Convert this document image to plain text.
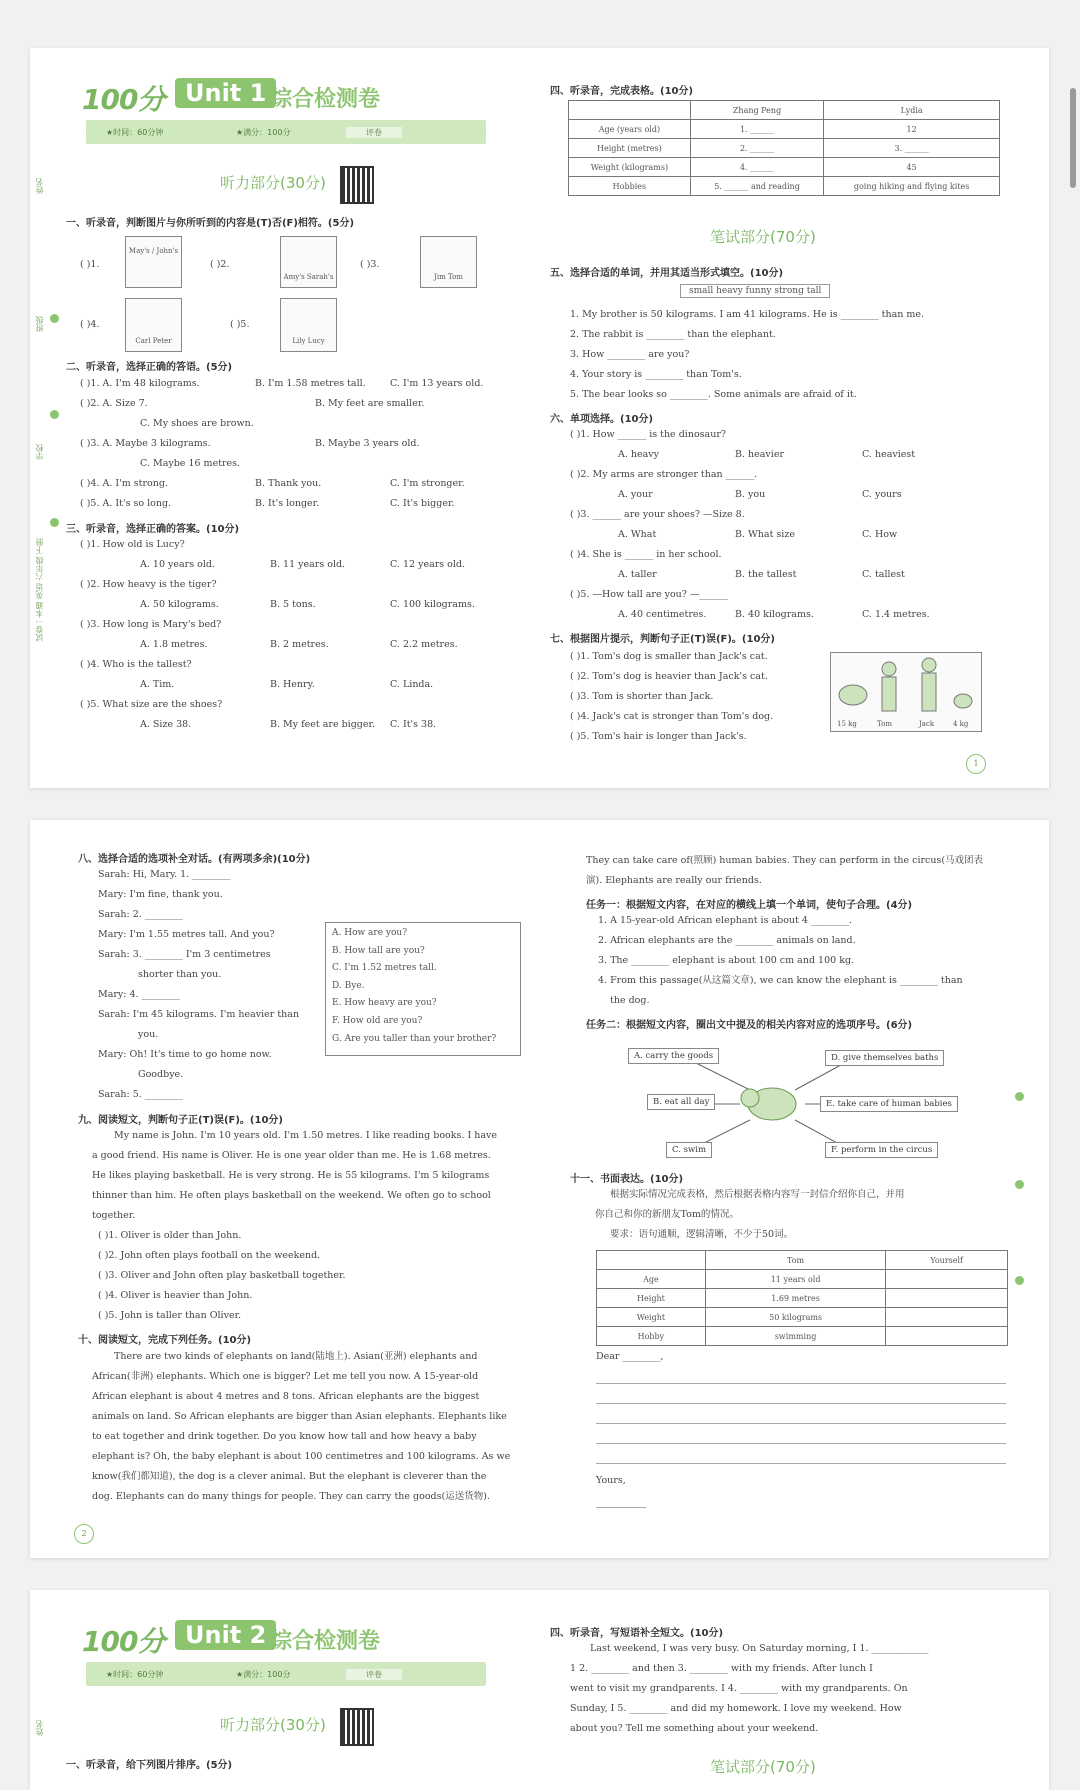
100分 Unit 1 综合检测卷
★时间：60分钟	★满分：100分	评卷
听力部分(30分)
姓名
班级
学校
试卷一本通 英语 六年级 下册
一、听录音，判断图片与你所听到的内容是(T)否(F)相符。(5分)
( )1.
May's / John's
( )2.
Amy's Sarah's
( )3.
Jim Tom
( )4.
Carl Peter
( )5.
Lily Lucy
二、听录音，选择正确的答语。(5分)
( )1. A. I'm 48 kilograms.	B. I'm 1.58 metres tall.	C. I'm 13 years old.
( )2. A. Size 7.	B. My feet are smaller.
C. My shoes are brown.
( )3. A. Maybe 3 kilograms.	B. Maybe 3 years old.
C. Maybe 16 metres.
( )4. A. I'm strong.	B. Thank you.	C. I'm stronger.
( )5. A. It's so long.	B. It's longer.	C. It's bigger.
三、听录音，选择正确的答案。(10分)
( )1. How old is Lucy?
A. 10 years old.	B. 11 years old.	C. 12 years old.
( )2. How heavy is the tiger?
A. 50 kilograms.	B. 5 tons.	C. 100 kilograms.
( )3. How long is Mary's bed?
A. 1.8 metres.	B. 2 metres.	C. 2.2 metres.
( )4. Who is the tallest?
A. Tim.	B. Henry.	C. Linda.
( )5. What size are the shoes?
A. Size 38.	B. My feet are bigger. C. It's 38.
四、听录音，完成表格。(10分)
	Zhang Peng	Lydia
Age (years old)	1. ______	12
Height (metres)	2. ______	3. ______
Weight (kilograms)	4. ______	45
Hobbies	5. ______ and reading	going hiking and flying kites
笔试部分(70分)
五、选择合适的单词，并用其适当形式填空。(10分)
small heavy funny strong tall
1. My brother is 50 kilograms. I am 41 kilograms. He is ________ than me.
2. The rabbit is ________ than the elephant.
3. How ________ are you?
4. Your story is ________ than Tom's.
5. The bear looks so ________. Some animals are afraid of it.
六、单项选择。(10分)
( )1. How ______ is the dinosaur?
A. heavy	B. heavier	C. heaviest
( )2. My arms are stronger than ______.
A. your	B. you	C. yours
( )3. ______ are your shoes? —Size 8.
A. What	B. What size	C. How
( )4. She is ______ in her school.
A. taller	B. the tallest	C. tallest
( )5. —How tall are you? —______
A. 40 centimetres.	B. 40 kilograms.	C. 1.4 metres.
七、根据图片提示，判断句子正(T)误(F)。(10分)
( )1. Tom's dog is smaller than Jack's cat.
( )2. Tom's dog is heavier than Jack's cat.
( )3. Tom is shorter than Jack.
( )4. Jack's cat is stronger than Tom's dog.
( )5. Tom's hair is longer than Jack's.
15 kg	Tom	Jack	4 kg
1
八、选择合适的选项补全对话。(有两项多余)(10分)
Sarah: Hi, Mary. 1. ________
Mary: I'm fine, thank you.
Sarah: 2. ________
Mary: I'm 1.55 metres tall. And you?
Sarah: 3. ________ I'm 3 centimetres
shorter than you.
Mary: 4. ________
Sarah: I'm 45 kilograms. I'm heavier than
you.
Mary: Oh! It's time to go home now.
Goodbye.
Sarah: 5. ________
A. How are you?
B. How tall are you?
C. I'm 1.52 metres tall.
D. Bye.
E. How heavy are you?
F. How old are you?
G. Are you taller than your brother?
九、阅读短文，判断句子正(T)误(F)。(10分)
My name is John. I'm 10 years old. I'm 1.50 metres. I like reading books. I have
a good friend. His name is Oliver. He is one year older than me. He is 1.68 metres.
He likes playing basketball. He is very strong. He is 55 kilograms. I'm 5 kilograms
thinner than him. He often plays basketball on the weekend. We often go to school
together.
( )1. Oliver is older than John.
( )2. John often plays football on the weekend.
( )3. Oliver and John often play basketball together.
( )4. Oliver is heavier than John.
( )5. John is taller than Oliver.
十、阅读短文，完成下列任务。(10分)
There are two kinds of elephants on land(陆地上). Asian(亚洲) elephants and
African(非洲) elephants. Which one is bigger? Let me tell you now. A 15-year-old
African elephant is about 4 metres and 8 tons. African elephants are the biggest
animals on land. So African elephants are bigger than Asian elephants. Elephants like
to eat together and drink together. Do you know how tall and how heavy a baby
elephant is? Oh, the baby elephant is about 100 centimetres and 100 kilograms. As we
know(我们都知道), the dog is a clever animal. But the elephant is cleverer than the
dog. Elephants can do many things for people. They can carry the goods(运送货物).
2
They can take care of(照顾) human babies. They can perform in the circus(马戏团表
演). Elephants are really our friends.
任务一：根据短文内容，在对应的横线上填一个单词，使句子合理。(4分)
1. A 15-year-old African elephant is about 4 ________.
2. African elephants are the ________ animals on land.
3. The ________ elephant is about 100 cm and 100 kg.
4. From this passage(从这篇文章), we can know the elephant is ________ than
the dog.
任务二：根据短文内容，圈出文中提及的相关内容对应的选项序号。(6分)
A. carry the goods	D. give themselves baths
B. eat all day	E. take care of human babies
C. swim	F. perform in the circus
十一、书面表达。(10分)
根据实际情况完成表格，然后根据表格内容写一封信介绍你自己，并用
你自己和你的新朋友Tom的情况。
要求：语句通顺，逻辑清晰，不少于50词。
	Tom	Yourself
Age	11 years old	
Height	1.69 metres	
Weight	50 kilograms	
Hobby	swimming	
Dear ________,
Yours,
100分 Unit 2 综合检测卷
★时间：60分钟	★满分：100分	评卷
听力部分(30分)
姓名
一、听录音，给下列图片排序。(5分)
四、听录音，写短语补全短文。(10分)
Last weekend, I was very busy. On Saturday morning, I 1. ____________
1 2. ________ and then 3. ________ with my friends. After lunch I
went to visit my grandparents. I 4. ________ with my grandparents. On
Sunday, I 5. ________ and did my homework. I love my weekend. How
about you? Tell me something about your weekend.
笔试部分(70分)
